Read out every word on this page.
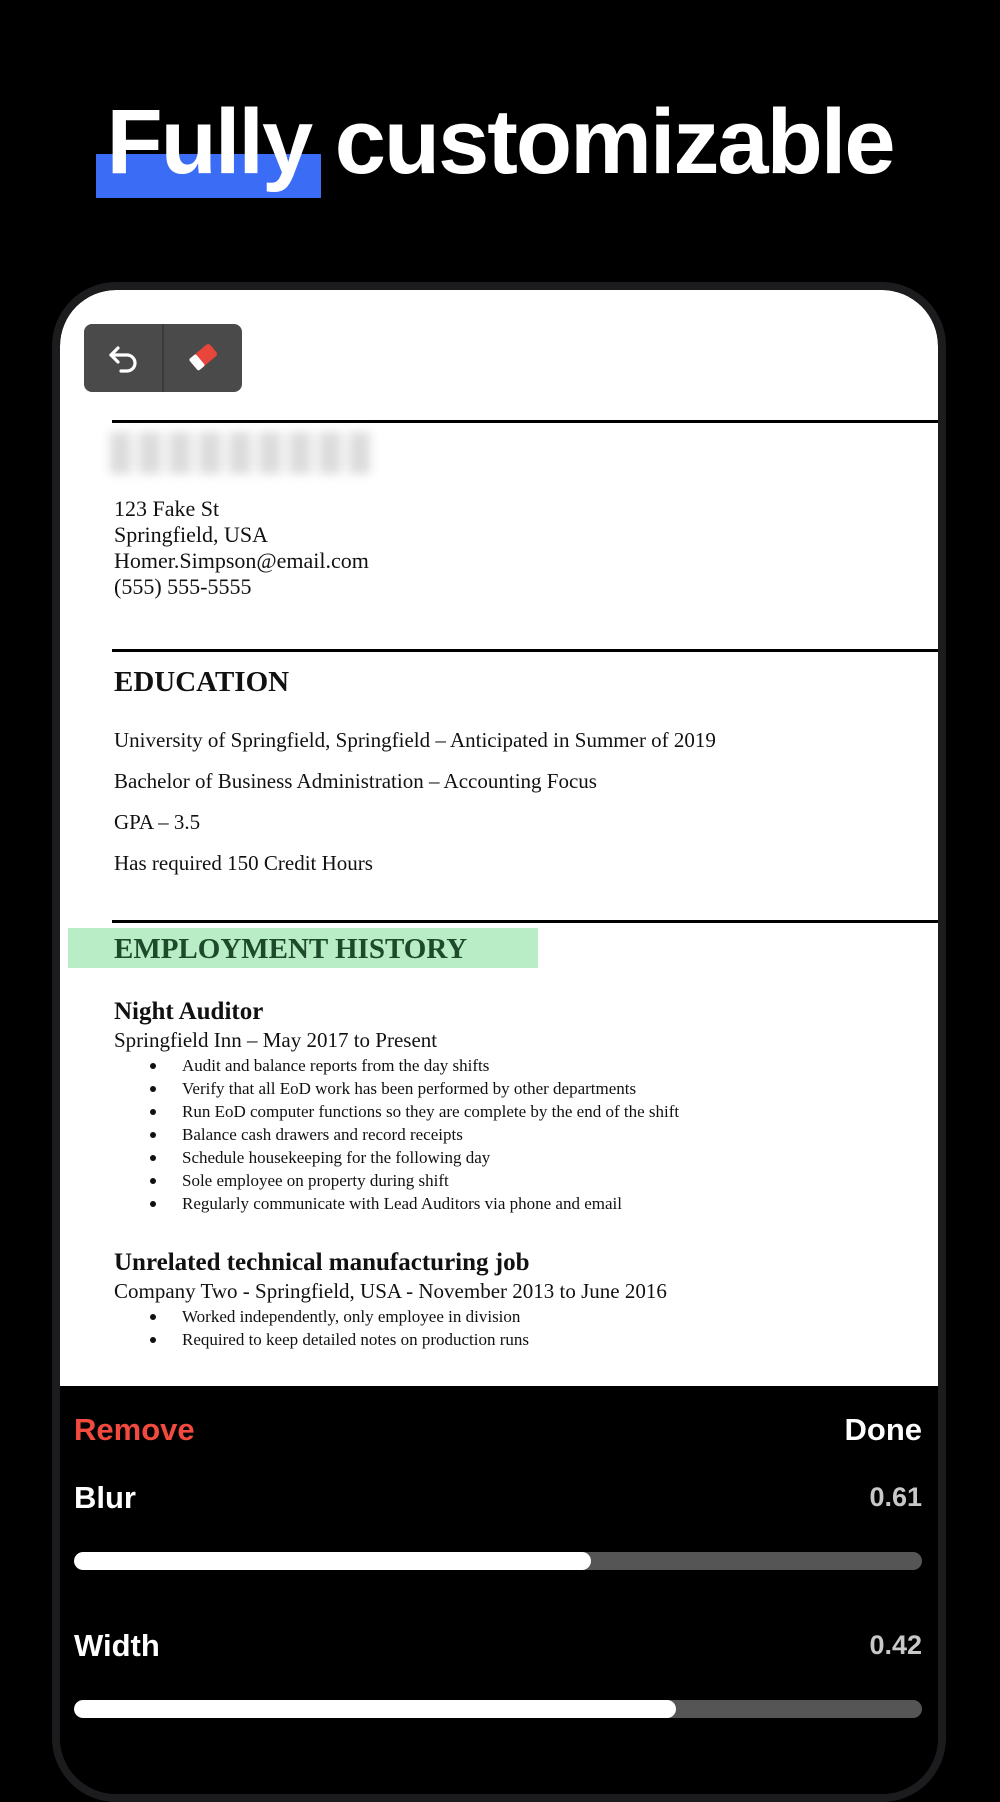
Fully customizable
123 Fake St
Springfield, USA
Homer.Simpson@email.com
(555) 555-5555
EDUCATION
University of Springfield, Springfield – Anticipated in Summer of 2019
Bachelor of Business Administration – Accounting Focus
GPA – 3.5
Has required 150 Credit Hours
EMPLOYMENT HISTORY
Night Auditor
Springfield Inn – May 2017 to Present
Audit and balance reports from the day shifts
Verify that all EoD work has been performed by other departments
Run EoD computer functions so they are complete by the end of the shift
Balance cash drawers and record receipts
Schedule housekeeping for the following day
Sole employee on property during shift
Regularly communicate with Lead Auditors via phone and email
Unrelated technical manufacturing job
Company Two - Springfield, USA - November 2013 to June 2016
Worked independently, only employee in division
Required to keep detailed notes on production runs
Remove	Done
Blur	0.61
Width	0.42
